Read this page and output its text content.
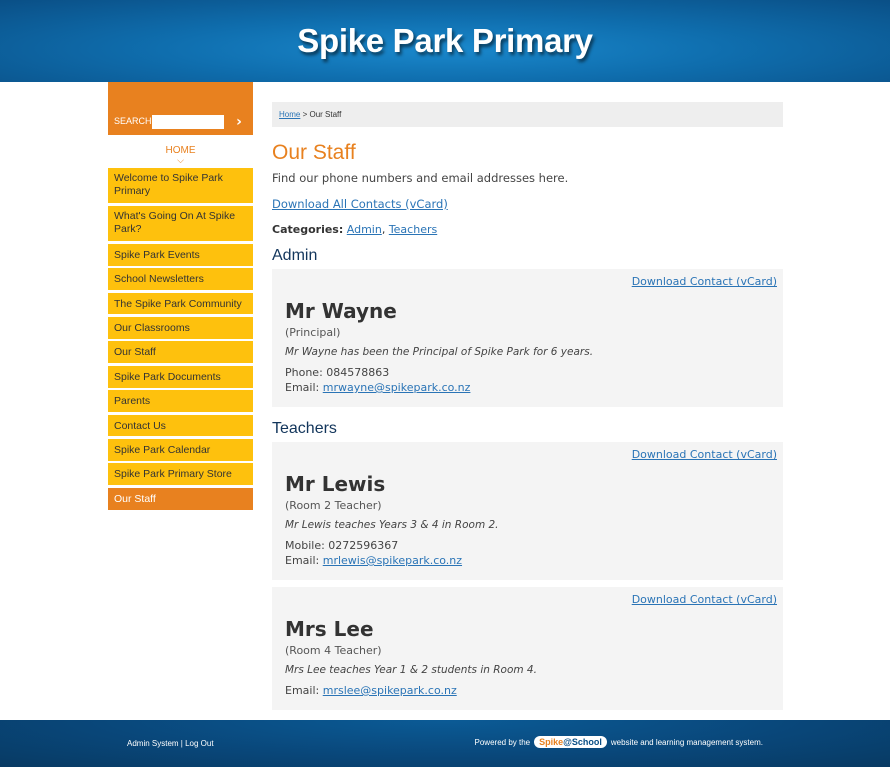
Spike Park Primary
SEARCH	›
HOME
⌵
Welcome to Spike Park Primary
What's Going On At Spike Park?
Spike Park Events
School Newsletters
The Spike Park Community
Our Classrooms
Our Staff
Spike Park Documents
Parents
Contact Us
Spike Park Calendar
Spike Park Primary Store
Our Staff
Home > Our Staff
Our Staff

Find our phone numbers and email addresses here.

Download All Contacts (vCard)

Categories: Admin, Teachers

Admin
Download Contact (vCard)
Mr Wayne
(Principal)
Mr Wayne has been the Principal of Spike Park for 6 years.
Phone: 084578863
Email: mrwayne@spikepark.co.nz
Teachers
Download Contact (vCard)
Mr Lewis
(Room 2 Teacher)
Mr Lewis teaches Years 3 & 4 in Room 2.
Mobile: 0272596367
Email: mrlewis@spikepark.co.nz
Download Contact (vCard)
Mrs Lee
(Room 4 Teacher)
Mrs Lee teaches Year 1 & 2 students in Room 4.
Email: mrslee@spikepark.co.nz
Admin System | Log Out	Powered by the	Spike@School	website and learning management system.
